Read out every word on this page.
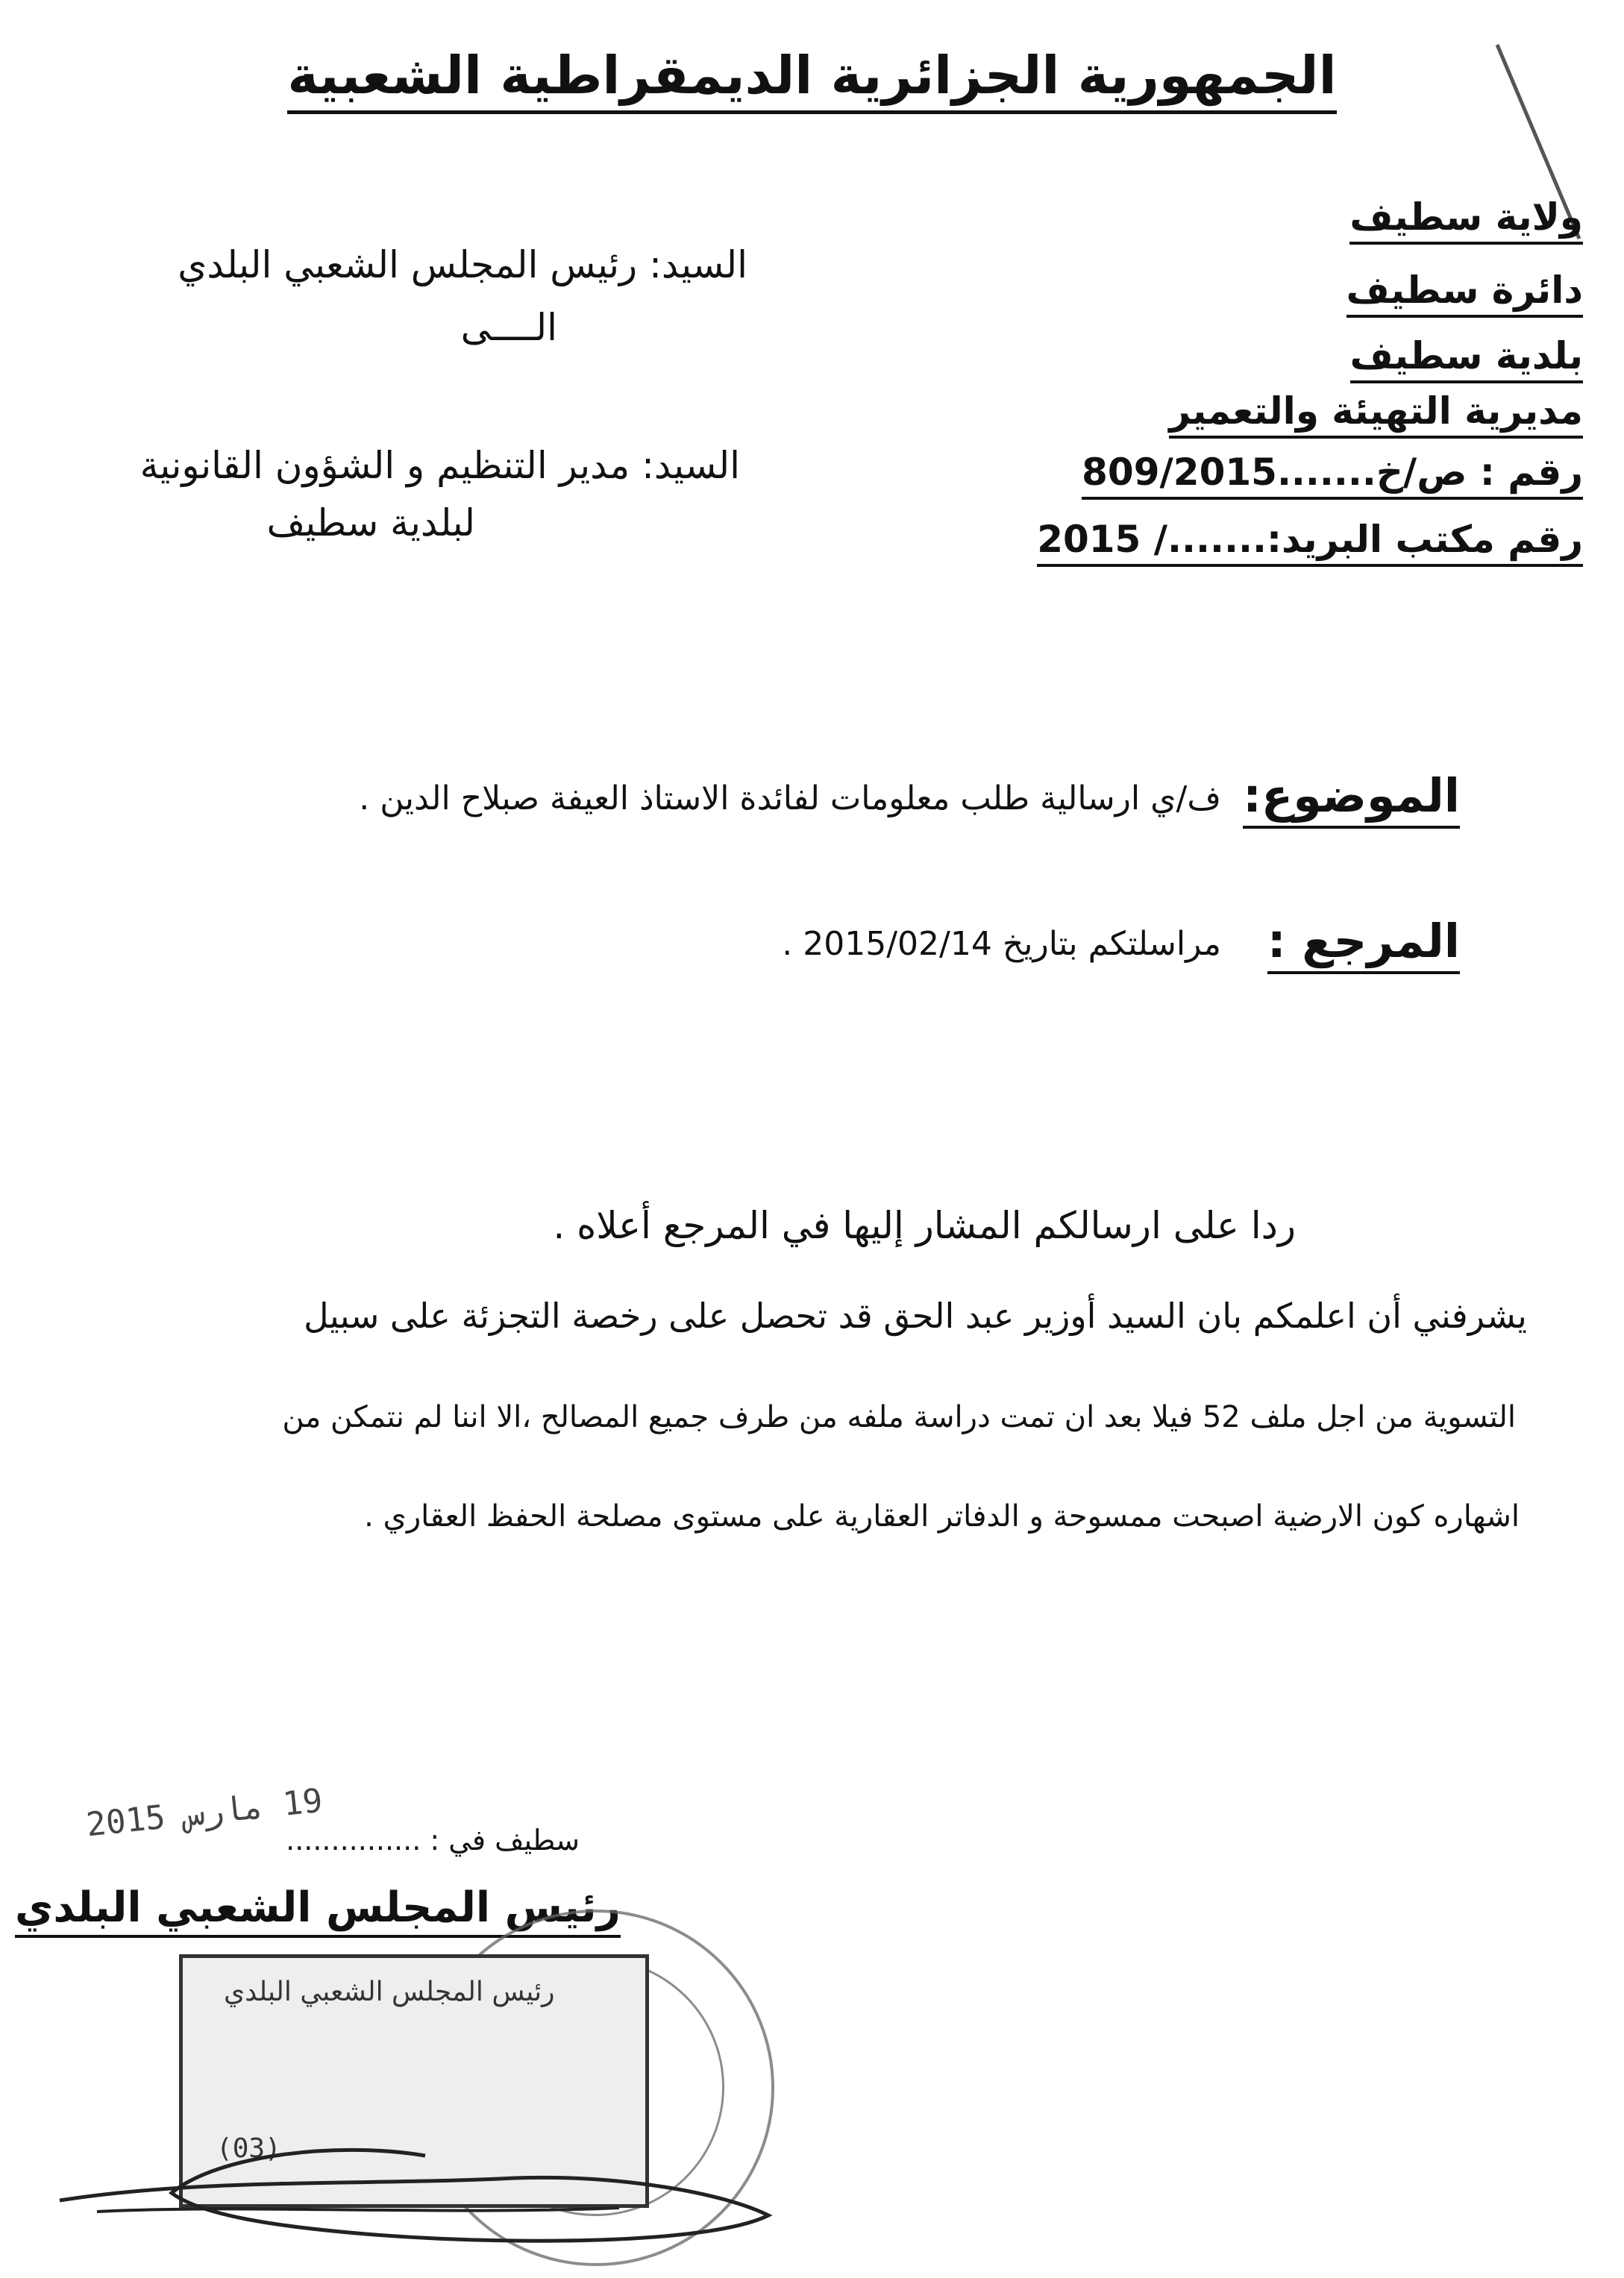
الجمهورية الجزائرية الديمقراطية الشعبية
ولاية سطيف
دائرة سطيف
بلدية سطيف
مديرية التهيئة والتعمير
رقم : ص/خ.......809/2015
رقم مكتب البريد:......./ 2015
السيد: رئيس المجلس الشعبي البلدي
الــــى
السيد: مدير التنظيم و الشؤون القانونية
لبلدية سطيف
الموضوع:
ف/ي ارسالية طلب معلومات لفائدة الاستاذ العيفة صبلاح الدين .
المرجع :
مراسلتكم بتاريخ 2015/02/14 .
ردا على ارسالكم المشار إليها في المرجع أعلاه .
يشرفني أن اعلمكم بان السيد أوزير عبد الحق قد تحصل على رخصة التجزئة على سبيل
التسوية من اجل ملف 52 فيلا بعد ان تمت دراسة ملفه من طرف جميع المصالح ،الا اننا لم نتمكن من
اشهاره كون الارضية اصبحت ممسوحة و الدفاتر العقارية على مستوى مصلحة الحفظ العقاري .
سطيف في : ...............
19 مارس 2015
رئيس المجلس الشعبي البلدي
رئيس المجلس الشعبي البلدي
(03)
